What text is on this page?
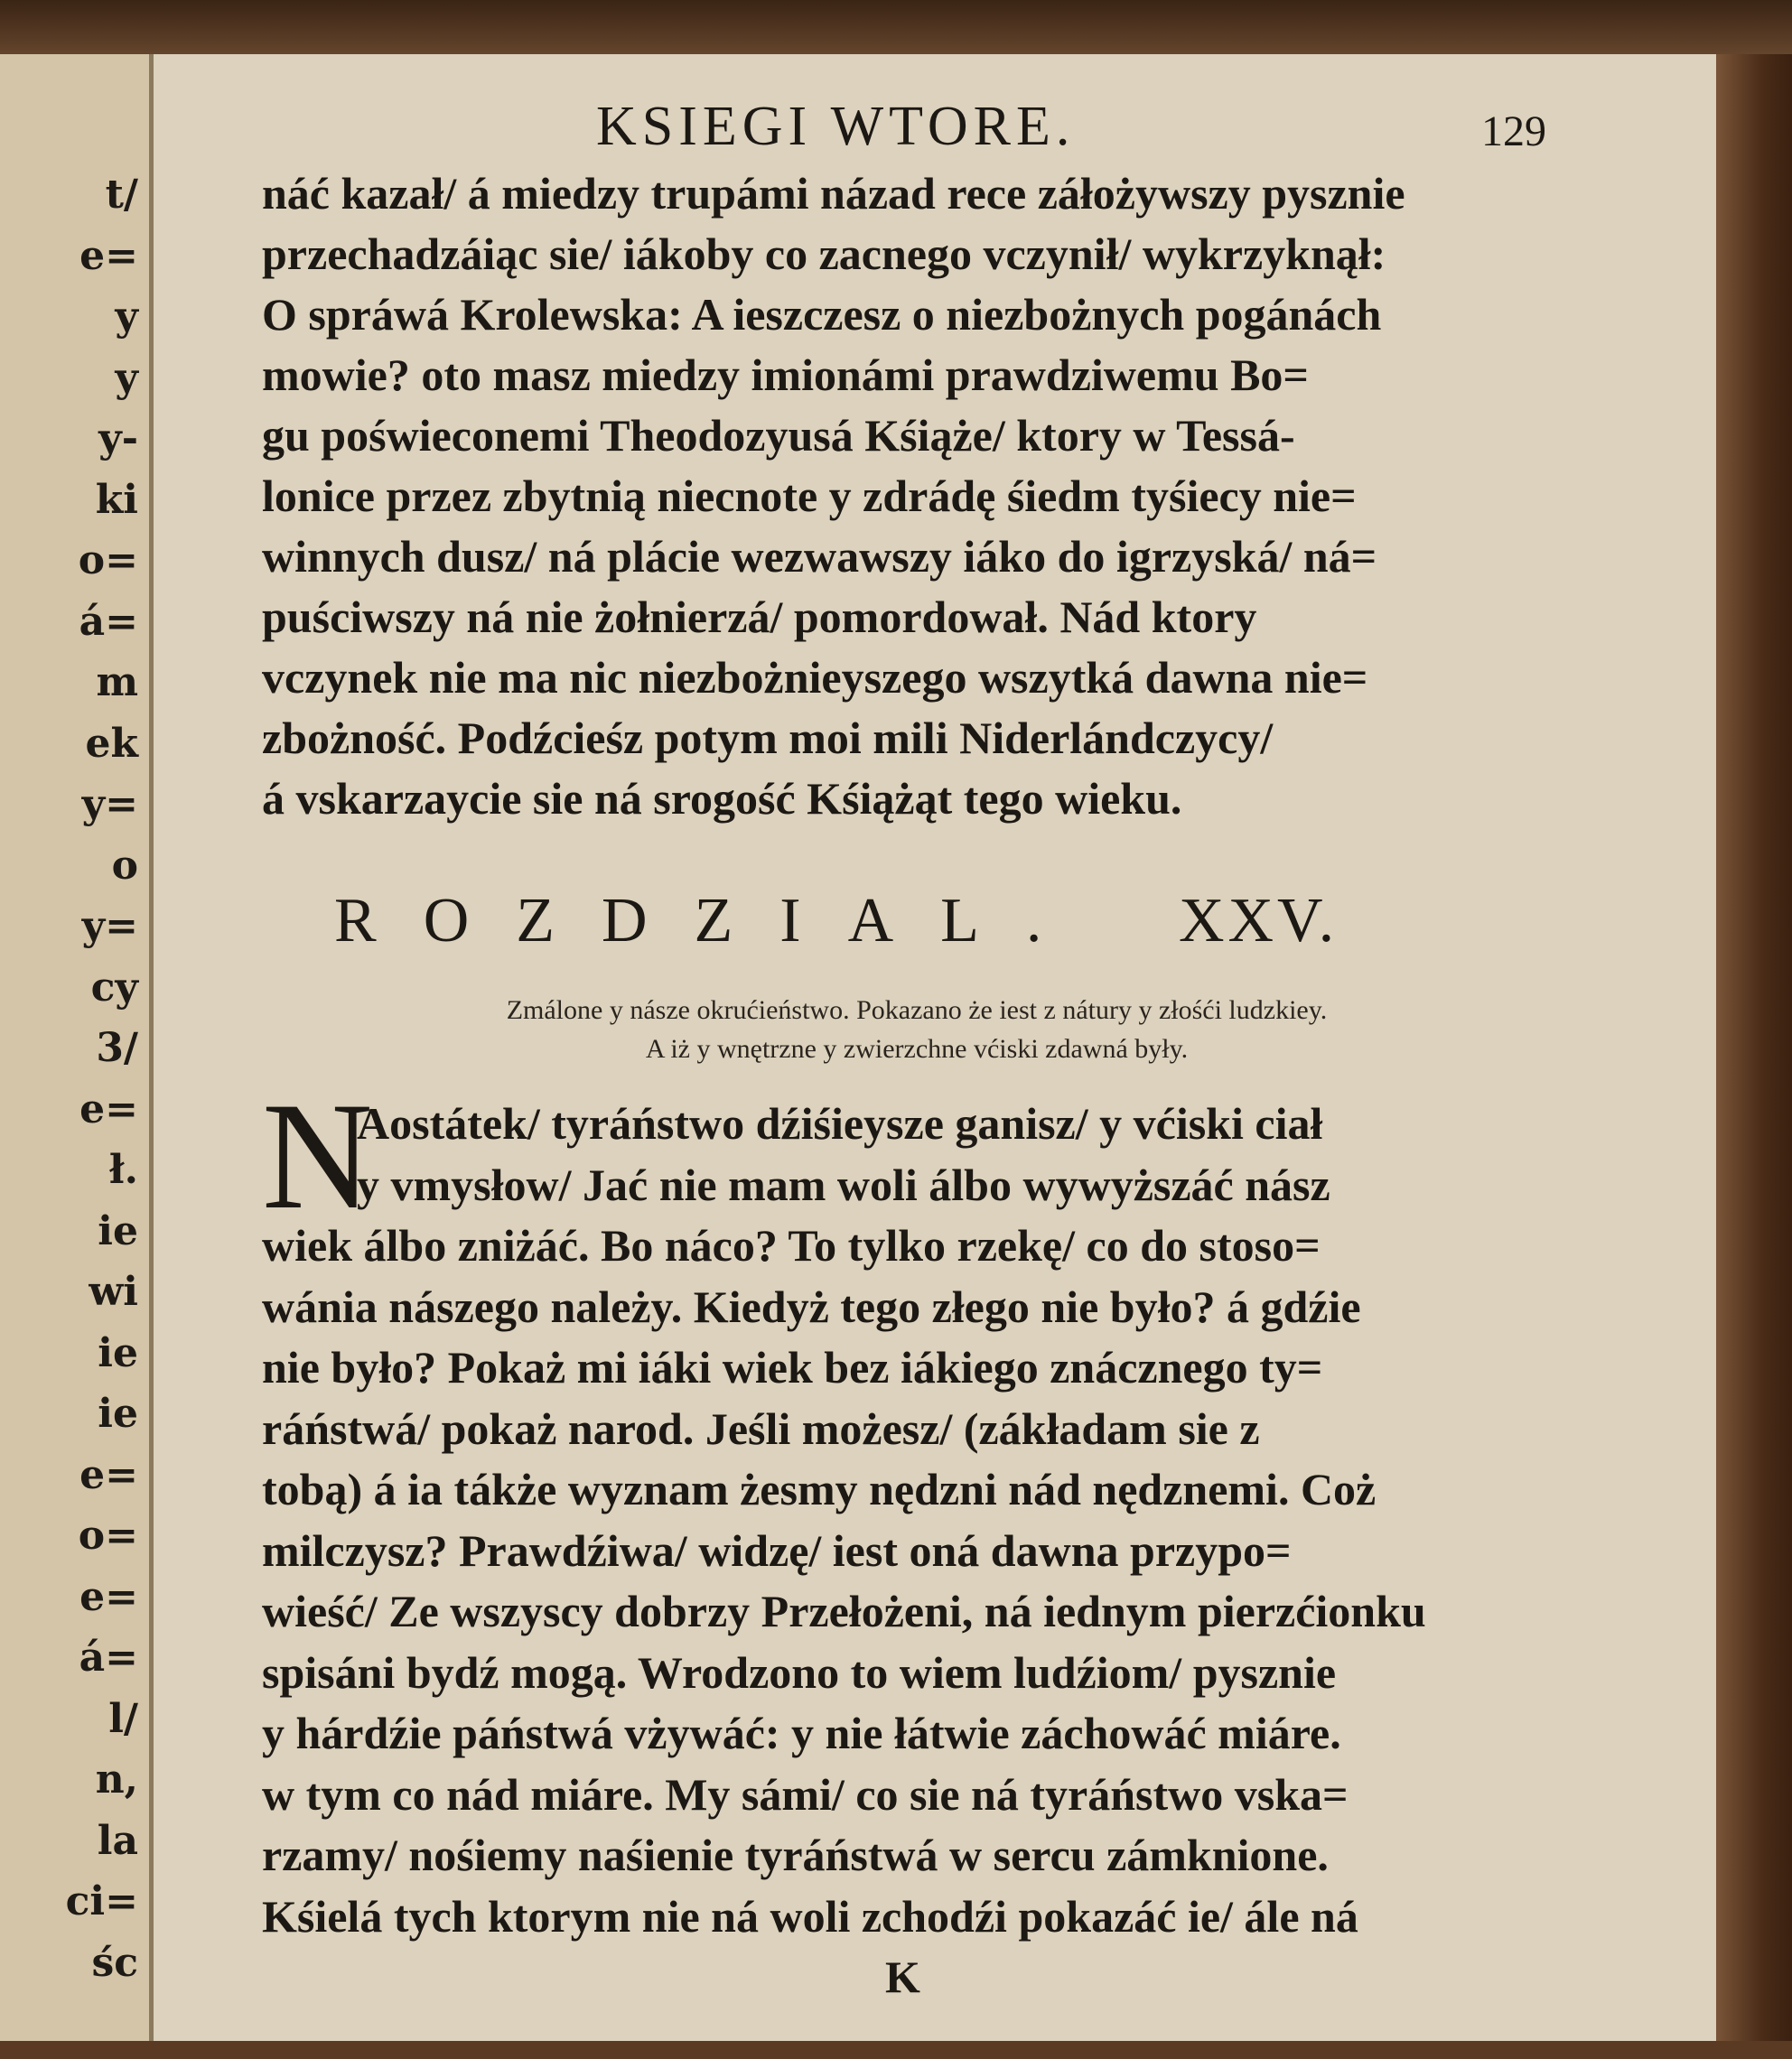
t/
e=
y
y
y-
ki
o=
á=
m
ek
y=
o
y=
cy
3/
e=
ł.
ie
wi
ie
ie
e=
o=
e=
á=
l/
n,
la
ci=
śc
KSIEGI WTORE.	129
náć kazał/ á miedzy trupámi názad rece záłożywszy pysznie
przechadzáiąc sie/ iákoby co zacnego vczynił/ wykrzyknął:
O spráwá Krolewska: A ieszczesz o niezbożnych pogánách
mowie? oto masz miedzy imionámi prawdziwemu Bo=
gu poświeconemi Theodozyusá Kśiąże/ ktory w Tessá-
lonice przez zbytnią niecnote y zdrádę śiedm tyśiecy nie=
winnych dusz/ ná plácie wezwawszy iáko do igrzyská/ ná=
puściwszy ná nie żołnierzá/ pomordował. Nád ktory
vczynek nie ma nic niezbożnieyszego wszytká dawna nie=
zbożność. Podźcieśz potym moi mili Niderlándczycy/
á vskarzaycie sie ná srogość Kśiążąt tego wieku.
ROZDZIAL. XXV.
Zmálone y násze okrućieństwo. Pokazano że iest z nátury y złośći ludzkiey.
A iż y wnętrzne y zwierzchne vćiski zdawná były.
N
Aostátek/ tyráństwo dźiśieysze ganisz/ y vćiski ciał
y vmysłow/ Jać nie mam woli álbo wywyższáć nász
wiek álbo zniżáć. Bo náco? To tylko rzekę/ co do stoso=
wánia nászego należy. Kiedyż tego złego nie było? á gdźie
nie było? Pokaż mi iáki wiek bez iákiego znácznego ty=
ráństwá/ pokaż narod. Jeśli możesz/ (zákładam sie z
tobą) á ia tákże wyznam żesmy nędzni nád nędznemi. Coż
milczysz? Prawdźiwa/ widzę/ iest oná dawna przypo=
wieść/ Ze wszyscy dobrzy Przełożeni, ná iednym pierzćionku
spisáni bydź mogą. Wrodzono to wiem ludźiom/ pysznie
y hárdźie páństwá vżywáć: y nie łátwie záchowáć miáre.
w tym co nád miáre. My sámi/ co sie ná tyráństwo vska=
rzamy/ nośiemy naśienie tyráństwá w sercu zámknione.
Kśielá tych ktorym nie ná woli zchodźi pokazáć ie/ ále ná
K
